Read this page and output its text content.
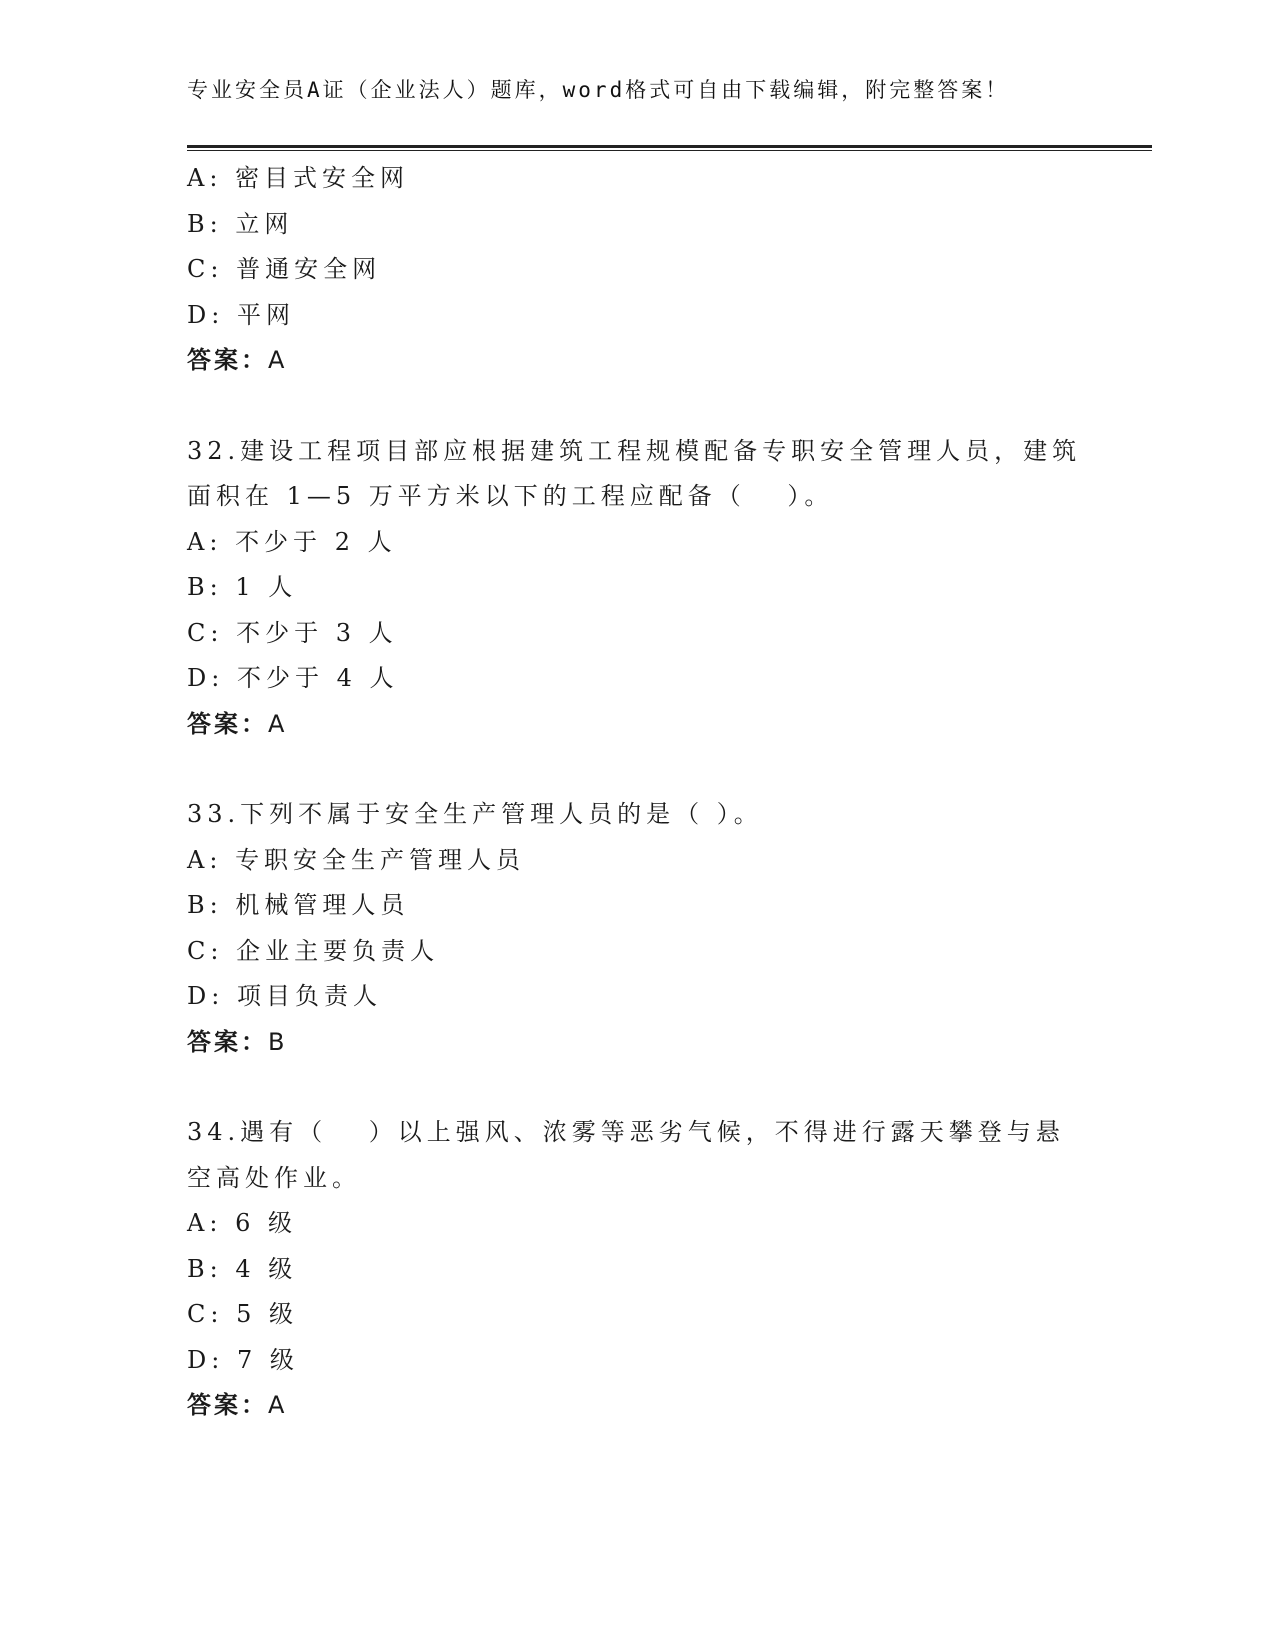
专业安全员A证（企业法人）题库，word格式可自由下载编辑，附完整答案！
A: 密目式安全网
B: 立网
C: 普通安全网
D: 平网
答案：A
32.建设工程项目部应根据建筑工程规模配备专职安全管理人员，建筑
面积在 1—5 万平方米以下的工程应配备（　 ）。
A: 不少于 2 人
B: 1 人
C: 不少于 3 人
D: 不少于 4 人
答案：A
33.下列不属于安全生产管理人员的是（ ）。
A: 专职安全生产管理人员
B: 机械管理人员
C: 企业主要负责人
D: 项目负责人
答案：B
34.遇有（　 ）以上强风、浓雾等恶劣气候，不得进行露天攀登与悬
空高处作业。
A: 6 级
B: 4 级
C: 5 级
D: 7 级
答案：A
